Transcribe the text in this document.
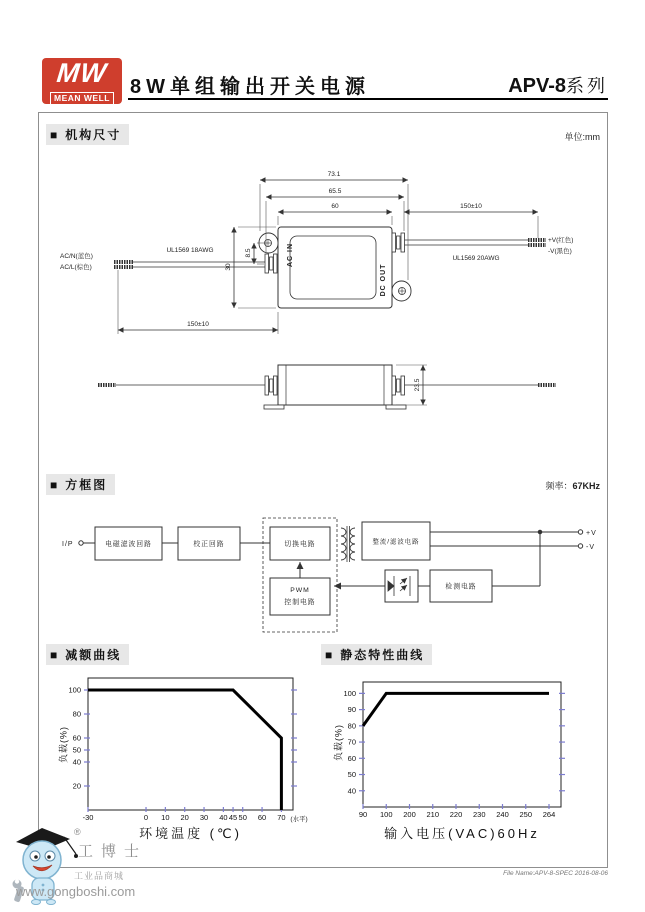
MW
MEAN WELL	8W单组输出开关电源	APV-8系列
■ 机构尺寸	单位:mm
■ 方框图	频率：67KHz
■ 减额曲线	■ 静态特性曲线
73.1
65.5
60	150±10
150±10
30
8.5
23.5
AC/N(蓝色)
AC/L(棕色)
UL1569 18AWG
UL1569 20AWG
+V(红色)
-V(黑色)
AC IN
DC OUT
I/P	电磁滤波回路	校正回路	切换电路
PWM
控制电路
整流/滤波电路
检测电路
+V
-V
20
40
50
60
80
100
-30	0 10 20 30 40 45 50 60 70 (水平)
负载(%)
环境温度 (℃)
40
50
60
70
80
90
100
90 100 200 210 220 230 240 250 264
负载(%)
输入电压(VAC)60Hz
®
工博士
工业品商城
www.gongboshi.com
File Name:APV-8-SPEC 2016-08-06
